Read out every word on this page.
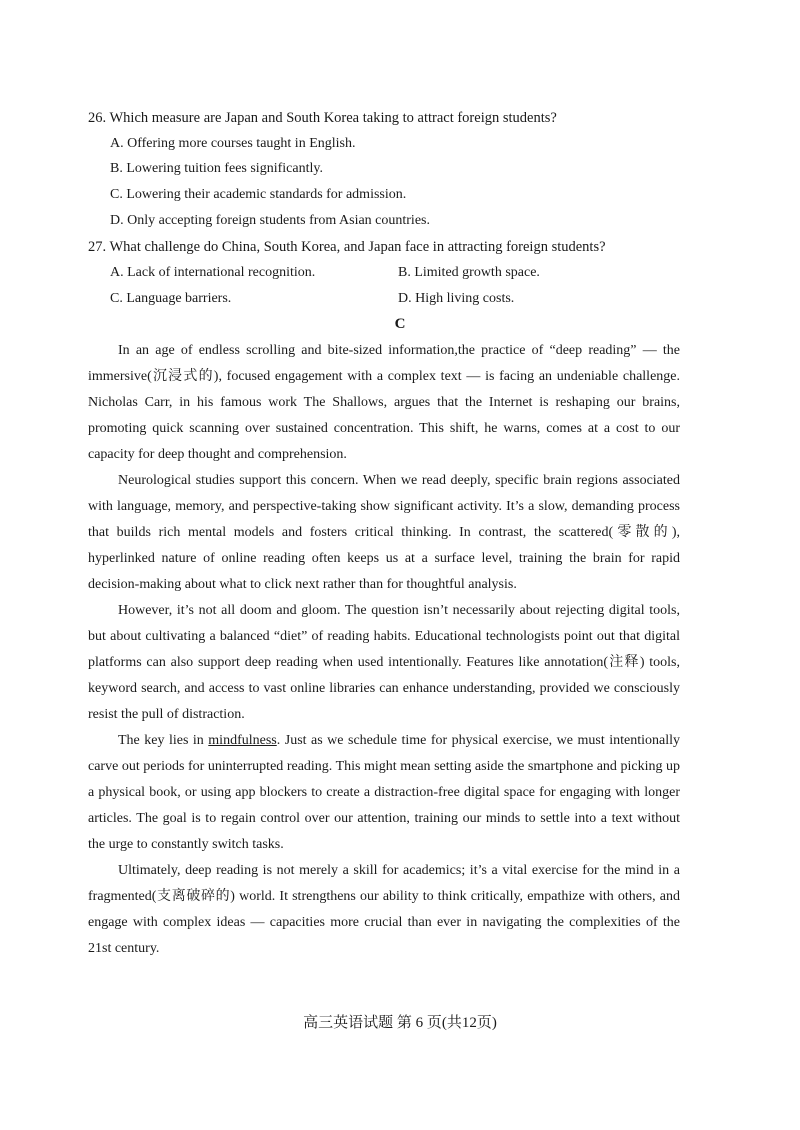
26. Which measure are Japan and South Korea taking to attract foreign students?
A. Offering more courses taught in English.
B. Lowering tuition fees significantly.
C. Lowering their academic standards for admission.
D. Only accepting foreign students from Asian countries.
27. What challenge do China, South Korea, and Japan face in attracting foreign students?
A. Lack of international recognition.	B. Limited growth space.
C. Language barriers.	D. High living costs.
C

In an age of endless scrolling and bite-sized information,the practice of “deep reading” — the immersive(沉浸式的), focused engagement with a complex text — is facing an undeniable challenge. Nicholas Carr, in his famous work The Shallows, argues that the Internet is reshaping our brains, promoting quick scanning over sustained concentration. This shift, he warns, comes at a cost to our capacity for deep thought and comprehension.

Neurological studies support this concern. When we read deeply, specific brain regions associated with language, memory, and perspective-taking show significant activity. It’s a slow, demanding process that builds rich mental models and fosters critical thinking. In contrast, the scattered(零散的), hyperlinked nature of online reading often keeps us at a surface level, training the brain for rapid decision-making about what to click next rather than for thoughtful analysis.

However, it’s not all doom and gloom. The question isn’t necessarily about rejecting digital tools, but about cultivating a balanced “diet” of reading habits. Educational technologists point out that digital platforms can also support deep reading when used intentionally. Features like annotation(注释) tools, keyword search, and access to vast online libraries can enhance understanding, provided we consciously resist the pull of distraction.

The key lies in mindfulness. Just as we schedule time for physical exercise, we must intentionally carve out periods for uninterrupted reading. This might mean setting aside the smartphone and picking up a physical book, or using app blockers to create a distraction-free digital space for engaging with longer articles. The goal is to regain control over our attention, training our minds to settle into a text without the urge to constantly switch tasks.

Ultimately, deep reading is not merely a skill for academics; it’s a vital exercise for the mind in a fragmented(支离破碎的) world. It strengthens our ability to think critically, empathize with others, and engage with complex ideas — capacities more crucial than ever in navigating the complexities of the 21st century.

高三英语试题 第 6 页(共12页)
